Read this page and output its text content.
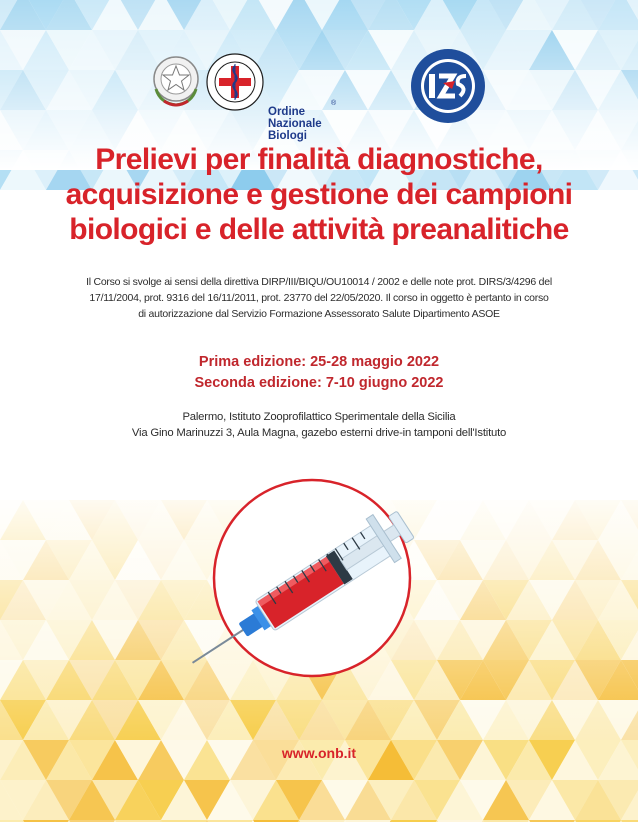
Ordine
Nazionale
Biologi
®
Prelievi per finalità diagnostiche,
acquisizione e gestione dei campioni
biologici e delle attività preanalitiche

Il Corso si svolge ai sensi della direttiva DIRP/III/BIQU/OU10014 / 2002 e delle note prot. DIRS/3/4296 del
17/11/2004, prot. 9316 del 16/11/2011, prot. 23770 del 22/05/2020. Il corso in oggetto è pertanto in corso
di autorizzazione dal Servizio Formazione Assessorato Salute Dipartimento ASOE

Prima edizione: 25-28 maggio 2022
Seconda edizione: 7-10 giugno 2022
Palermo, Istituto Zooprofilattico Sperimentale della Sicilia
Via Gino Marinuzzi 3, Aula Magna, gazebo esterni drive-in tamponi dell'Istituto
www.onb.it
